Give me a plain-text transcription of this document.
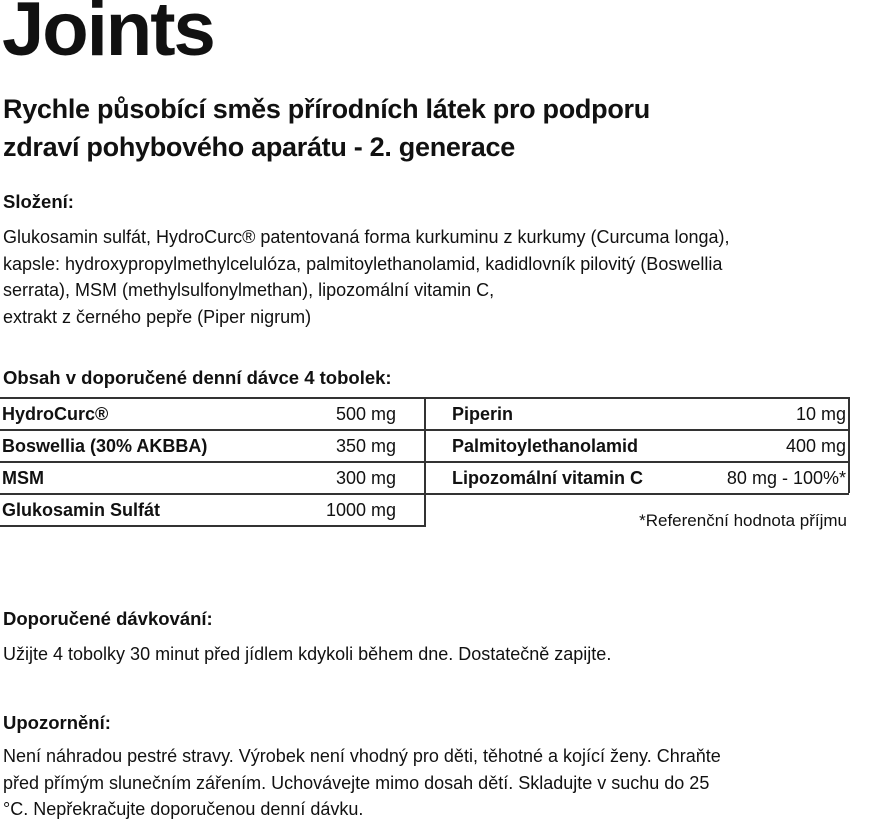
Joints
Rychle působící směs přírodních látek pro podporu
zdraví pohybového aparátu - 2. generace
Složení:
Glukosamin sulfát, HydroCurc® patentovaná forma kurkuminu z kurkumy (Curcuma longa),
kapsle: hydroxypropylmethylcelulóza, palmitoylethanolamid, kadidlovník pilovitý (Boswellia
serrata), MSM (methylsulfonylmethan), lipozomální vitamin C,
extrakt z černého pepře (Piper nigrum)
Obsah v doporučené denní dávce 4 tobolek:
HydroCurc®	500 mg
Boswellia (30% AKBBA)	350 mg
MSM	300 mg
Glukosamin Sulfát	1000 mg
Piperin	10 mg
Palmitoylethanolamid	400 mg
Lipozomální vitamin C	80 mg - 100%*
*Referenční hodnota příjmu
Doporučené dávkování:
Užijte 4 tobolky 30 minut před jídlem kdykoli během dne. Dostatečně zapijte.
Upozornění:
Není náhradou pestré stravy. Výrobek není vhodný pro děti, těhotné a kojící ženy. Chraňte
před přímým slunečním zářením. Uchovávejte mimo dosah dětí. Skladujte v suchu do 25
°C. Nepřekračujte doporučenou denní dávku.
